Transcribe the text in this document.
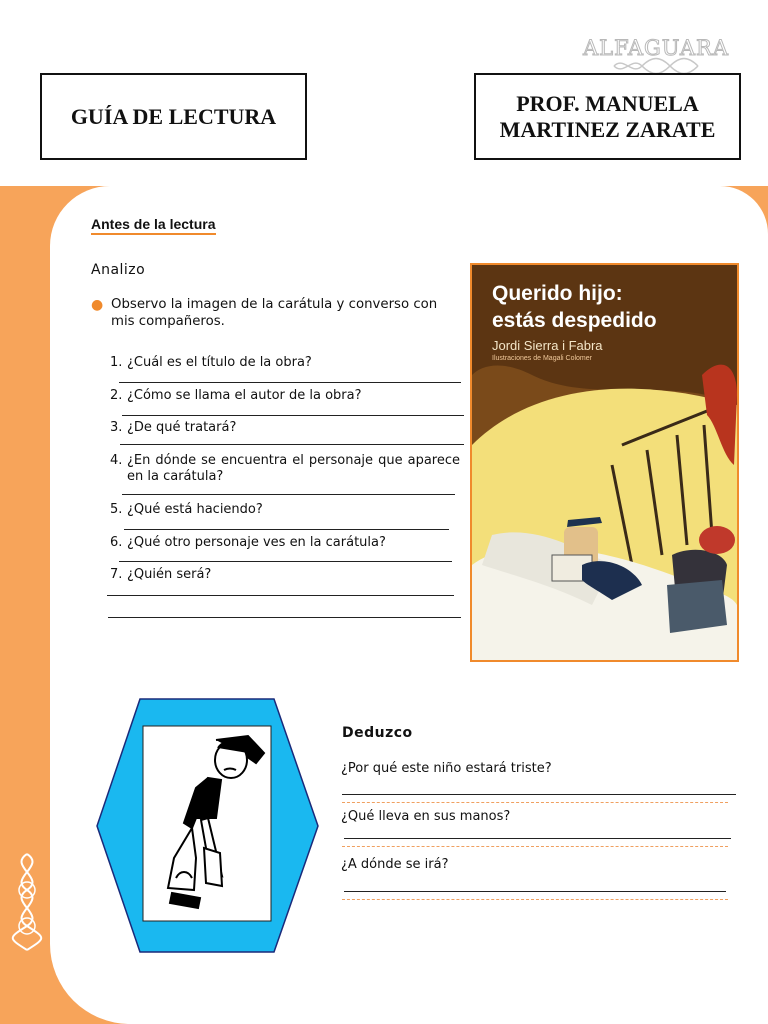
ALFAGUARA
GUÍA DE LECTURA
PROF. MANUELA
MARTINEZ ZARATE
Antes de la lectura
Analizo
● Observo la imagen de la carátula y converso con mis compañeros.
1. ¿Cuál es el título de la obra?
2. ¿Cómo se llama el autor de la obra?
3. ¿De qué tratará?
4. ¿En dónde se encuentra el personaje que aparece en la carátula?
5. ¿Qué está haciendo?
6. ¿Qué otro personaje ves en la carátula?
7. ¿Quién será?
Querido hijo:
estás despedido
Jordi Sierra i Fabra
Ilustraciones de Magali Colomer
Deduzco
¿Por qué este niño estará triste?
¿Qué lleva en sus manos?
¿A dónde se irá?
